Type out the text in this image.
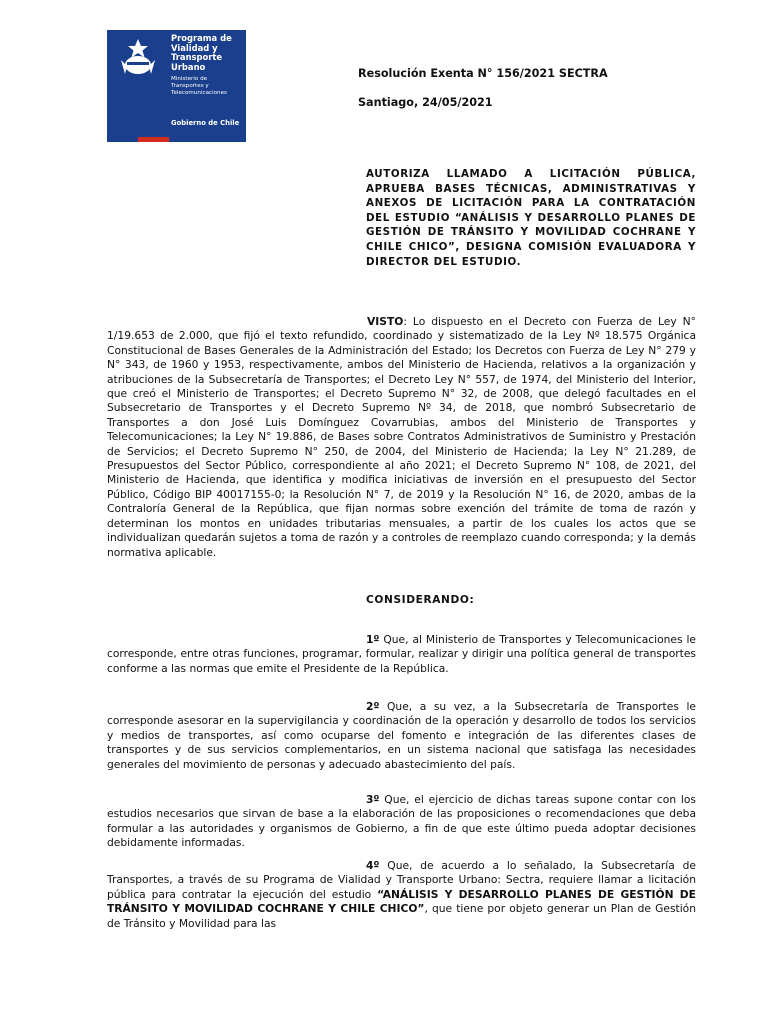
Programa de
Vialidad y
Transporte
Urbano
Ministerio de
Transportes y
Telecomunicaciones
Gobierno de Chile
Resolución Exenta N° 156/2021 SECTRA
Santiago, 24/05/2021
AUTORIZA LLAMADO A LICITACIÓN PÚBLICA, APRUEBA BASES TÉCNICAS, ADMINISTRATIVAS Y ANEXOS DE LICITACIÓN PARA LA CONTRATACIÓN DEL ESTUDIO “ANÁLISIS Y DESARROLLO PLANES DE GESTIÓN DE TRÁNSITO Y MOVILIDAD COCHRANE Y CHILE CHICO”, DESIGNA COMISIÓN EVALUADORA Y DIRECTOR DEL ESTUDIO.
VISTO: Lo dispuesto en el Decreto con Fuerza de Ley N° 1/19.653 de 2.000, que fijó el texto refundido, coordinado y sistematizado de la Ley Nº 18.575 Orgánica Constitucional de Bases Generales de la Administración del Estado; los Decretos con Fuerza de Ley N° 279 y N° 343, de 1960 y 1953, respectivamente, ambos del Ministerio de Hacienda, relativos a la organización y atribuciones de la Subsecretaría de Transportes; el Decreto Ley N° 557, de 1974, del Ministerio del Interior, que creó el Ministerio de Transportes; el Decreto Supremo N° 32, de 2008, que delegó facultades en el Subsecretario de Transportes y el Decreto Supremo Nº 34, de 2018, que nombró Subsecretario de Transportes a don José Luis Domínguez Covarrubias, ambos del Ministerio de Transportes y Telecomunicaciones; la Ley N° 19.886, de Bases sobre Contratos Administrativos de Suministro y Prestación de Servicios; el Decreto Supremo N° 250, de 2004, del Ministerio de Hacienda; la Ley N° 21.289, de Presupuestos del Sector Público, correspondiente al año 2021; el Decreto Supremo N° 108, de 2021, del Ministerio de Hacienda, que identifica y modifica iniciativas de inversión en el presupuesto del Sector Público, Código BIP 40017155-0; la Resolución N° 7, de 2019 y la Resolución N° 16, de 2020, ambas de la Contraloría General de la República, que fijan normas sobre exención del trámite de toma de razón y determinan los montos en unidades tributarias mensuales, a partir de los cuales los actos que se individualizan quedarán sujetos a toma de razón y a controles de reemplazo cuando corresponda; y la demás normativa aplicable.
CONSIDERANDO:
1º Que, al Ministerio de Transportes y Telecomunicaciones le corresponde, entre otras funciones, programar, formular, realizar y dirigir una política general de transportes conforme a las normas que emite el Presidente de la República.
2º Que, a su vez, a la Subsecretaría de Transportes le corresponde asesorar en la supervigilancia y coordinación de la operación y desarrollo de todos los servicios y medios de transportes, así como ocuparse del fomento e integración de las diferentes clases de transportes y de sus servicios complementarios, en un sistema nacional que satisfaga las necesidades generales del movimiento de personas y adecuado abastecimiento del país.
3º Que, el ejercicio de dichas tareas supone contar con los estudios necesarios que sirvan de base a la elaboración de las proposiciones o recomendaciones que deba formular a las autoridades y organismos de Gobierno, a fin de que este último pueda adoptar decisiones debidamente informadas.
4º Que, de acuerdo a lo señalado, la Subsecretaría de Transportes, a través de su Programa de Vialidad y Transporte Urbano: Sectra, requiere llamar a licitación pública para contratar la ejecución del estudio “ANÁLISIS Y DESARROLLO PLANES DE GESTIÓN DE TRÁNSITO Y MOVILIDAD COCHRANE Y CHILE CHICO”, que tiene por objeto generar un Plan de Gestión de Tránsito y Movilidad para las
